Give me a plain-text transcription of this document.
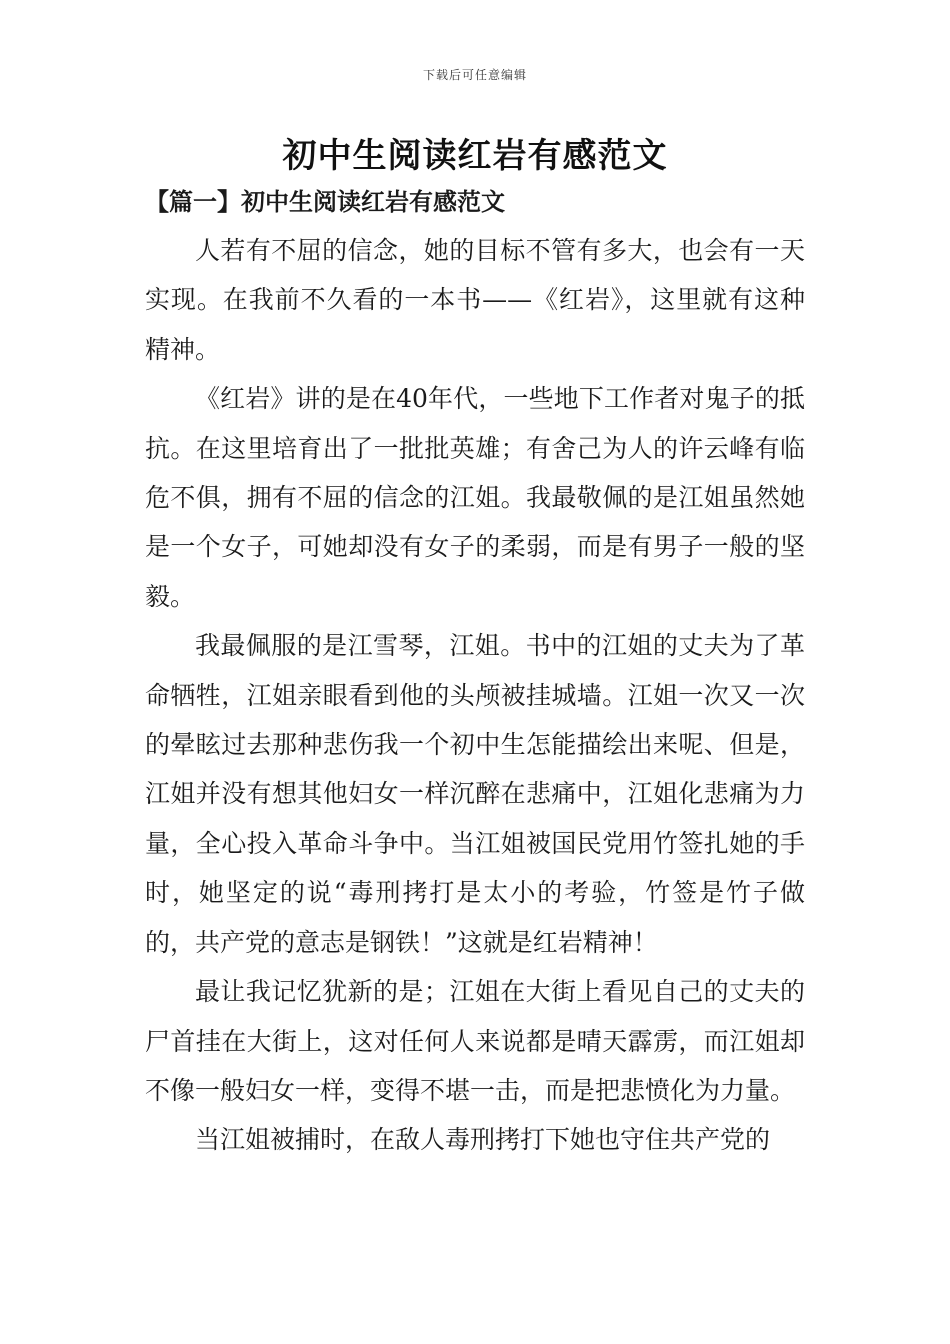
下载后可任意编辑
初中生阅读红岩有感范文
【篇一】初中生阅读红岩有感范文

人若有不屈的信念，她的目标不管有多大，也会有一天实现。在我前不久看的一本书——《红岩》，这里就有这种精神。

《红岩》讲的是在40年代，一些地下工作者对鬼子的抵抗。在这里培育出了一批批英雄；有舍己为人的许云峰有临危不俱，拥有不屈的信念的江姐。我最敬佩的是江姐虽然她是一个女子，可她却没有女子的柔弱，而是有男子一般的坚毅。

我最佩服的是江雪琴，江姐。书中的江姐的丈夫为了革命牺牲，江姐亲眼看到他的头颅被挂城墙。江姐一次又一次的晕眩过去那种悲伤我一个初中生怎能描绘出来呢、但是，江姐并没有想其他妇女一样沉醉在悲痛中，江姐化悲痛为力量，全心投入革命斗争中。当江姐被国民党用竹签扎她的手时，她坚定的说“毒刑拷打是太小的考验，竹签是竹子做的，共产党的意志是钢铁！”这就是红岩精神！

最让我记忆犹新的是；江姐在大街上看见自己的丈夫的尸首挂在大街上，这对任何人来说都是晴天霹雳，而江姐却不像一般妇女一样，变得不堪一击，而是把悲愤化为力量。

当江姐被捕时，在敌人毒刑拷打下她也守住共产党的
